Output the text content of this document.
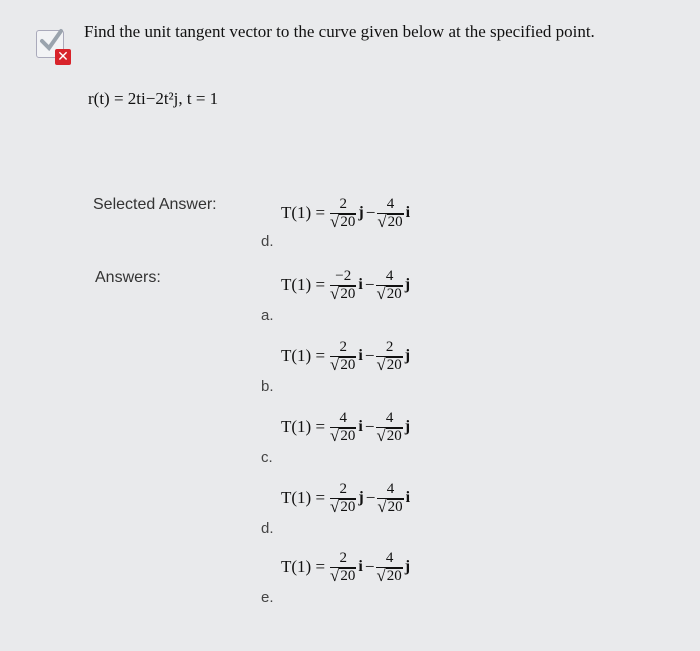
✕
Find the unit tangent vector to the curve given below at the specified point.
r(t) = 2ti−2t²j, t = 1
Selected Answer:
d.
$T(1) = \frac{2}{√ 20}$ $j - \frac{4}{√ 20}$ i
Answers:
a.
$T(1) = \frac{-2}{√ 20}$ $i - \frac{4}{√ 20}$ j
b.
$T(1) = \frac{2}{√ 20}$ $i - \frac{2}{√ 20}$ j
c.
$T(1) = \frac{4}{√ 20}$ $i - \frac{4}{√ 20}$ j
d.
$T(1) = \frac{2}{√ 20}$ $j - \frac{4}{√ 20}$ i
e.
$T(1) = \frac{2}{√ 20}$ $i - \frac{4}{√ 20}$ j
